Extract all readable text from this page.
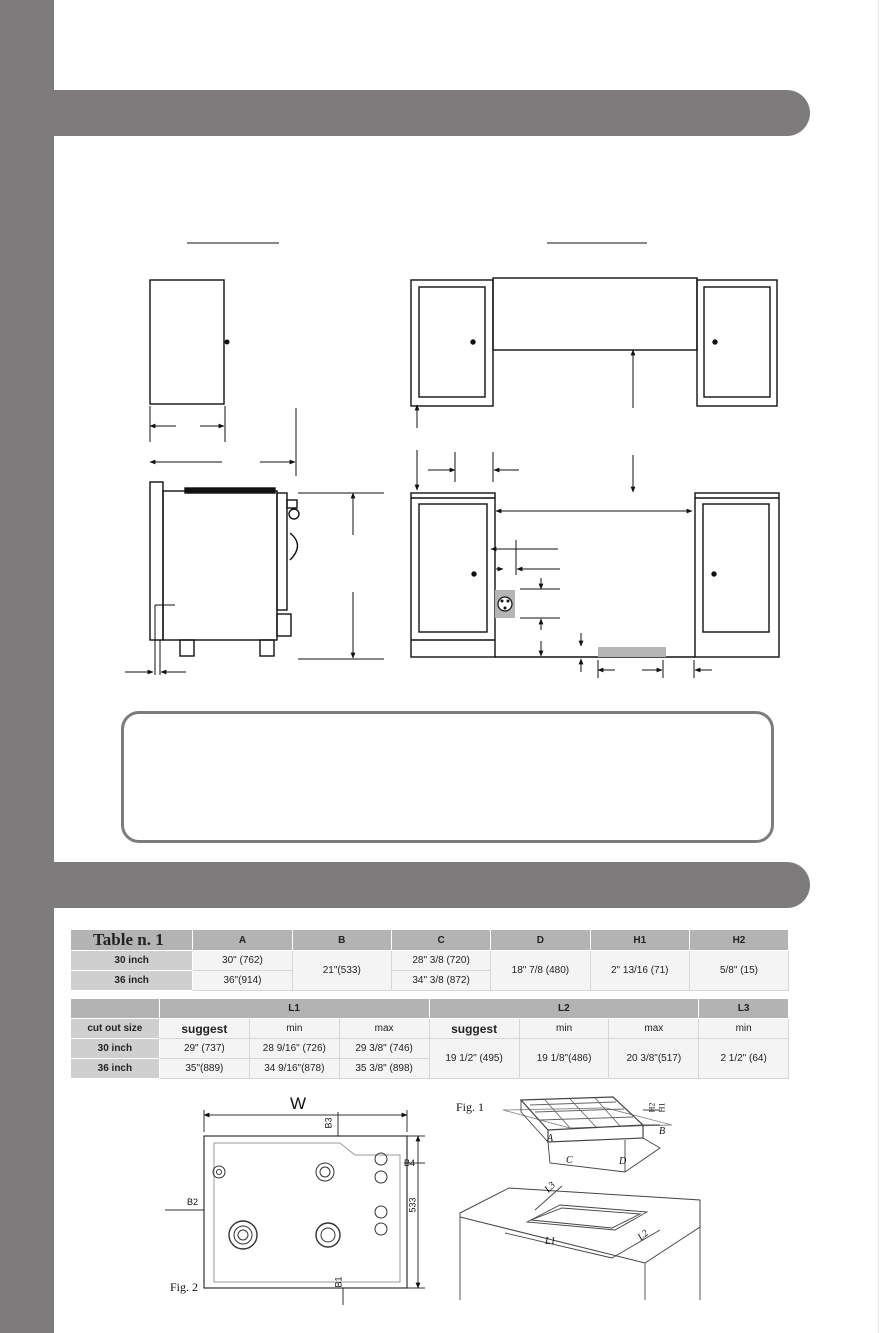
Table n. 1	A	B	C	D	H1	H2
30 inch	30" (762)	21"(533)	28" 3/8 (720)	18" 7/8 (480)	2" 13/16 (71)	5/8" (15)
36 inch	36"(914)		34" 3/8 (872)			
	L1			L2			L3
cut out size	suggest	min	max	suggest	min	max	min
30 inch	29" (737)	28 9/16" (726)	29 3/8" (746)	19 1/2" (495)	19 1/8"(486)	20 3/8"(517)	2 1/2" (64)
36 inch	35"(889)	34 9/16"(878)	35 3/8" (898)				
W
B3
B4
B2	533
B1
Fig. 2
Fig. 1
A
B
C	D
H1
H2
L1	L2
L3
